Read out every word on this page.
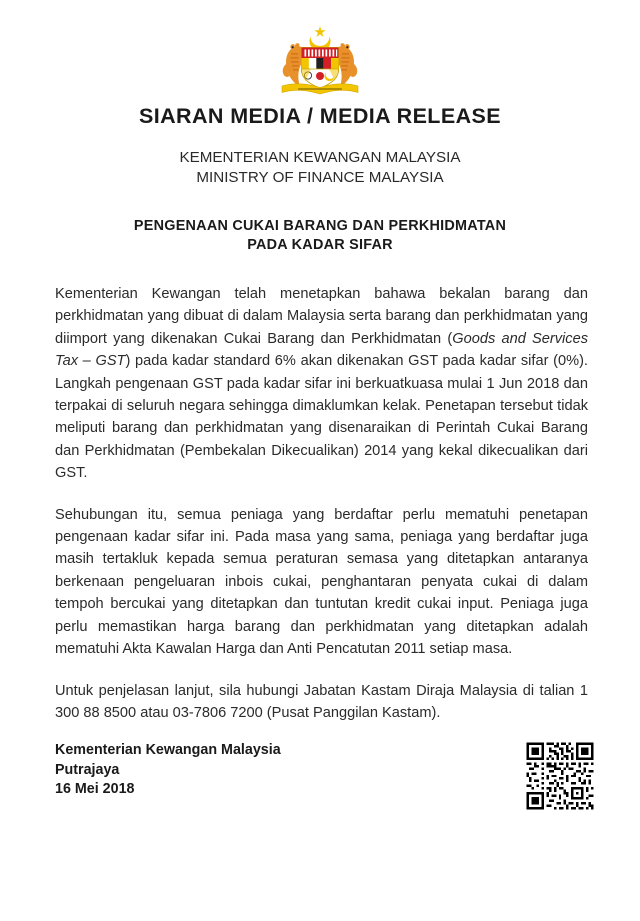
SIARAN MEDIA / MEDIA RELEASE
KEMENTERIAN KEWANGAN MALAYSIA
MINISTRY OF FINANCE MALAYSIA
PENGENAAN CUKAI BARANG DAN PERKHIDMATAN
PADA KADAR SIFAR

Kementerian Kewangan telah menetapkan bahawa bekalan barang dan perkhidmatan yang dibuat di dalam Malaysia serta barang dan perkhidmatan yang diimport yang dikenakan Cukai Barang dan Perkhidmatan (Goods and Services Tax – GST) pada kadar standard 6% akan dikenakan GST pada kadar sifar (0%). Langkah pengenaan GST pada kadar sifar ini berkuatkuasa mulai 1 Jun 2018 dan terpakai di seluruh negara sehingga dimaklumkan kelak. Penetapan tersebut tidak meliputi barang dan perkhidmatan yang disenaraikan di Perintah Cukai Barang dan Perkhidmatan (Pembekalan Dikecualikan) 2014 yang kekal dikecualikan dari GST.

Sehubungan itu, semua peniaga yang berdaftar perlu mematuhi penetapan pengenaan kadar sifar ini. Pada masa yang sama, peniaga yang berdaftar juga masih tertakluk kepada semua peraturan semasa yang ditetapkan antaranya berkenaan pengeluaran inbois cukai, penghantaran penyata cukai di dalam tempoh bercukai yang ditetapkan dan tuntutan kredit cukai input. Peniaga juga perlu memastikan harga barang dan perkhidmatan yang ditetapkan adalah mematuhi Akta Kawalan Harga dan Anti Pencatutan 2011 setiap masa.

Untuk penjelasan lanjut, sila hubungi Jabatan Kastam Diraja Malaysia di talian 1 300 88 8500 atau 03-7806 7200 (Pusat Panggilan Kastam).

Kementerian Kewangan Malaysia
Putrajaya
16 Mei 2018
